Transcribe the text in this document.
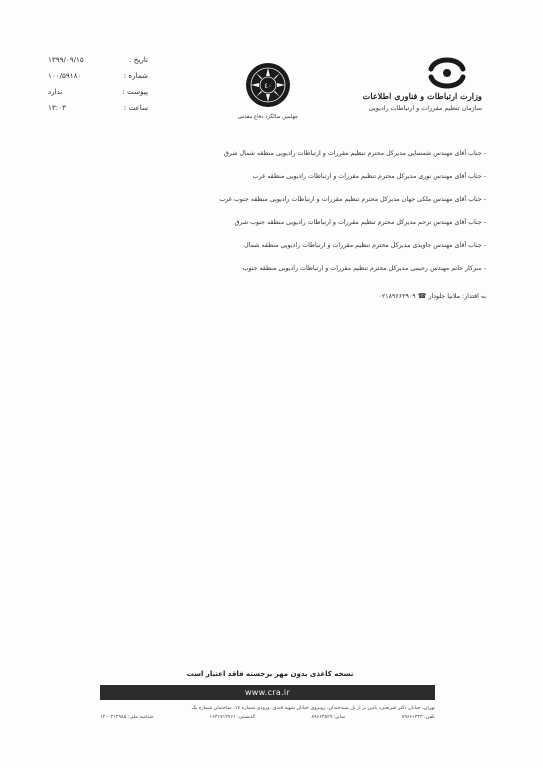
تاریخ :
۱۳۹۹/۰۹/۱۵
شماره :
۱۰۰/۵۹۱۸۰
پیوست :
ندارد
ساعت :
۱۳:۰۳
٤٠
چهلمین سالگرد دفاع مقدس
وزارت ارتباطات و فناوری اطلاعات
سازمان تنظیم مقررات و ارتباطات رادیویی
- جناب آقای مهندس شمسایی مدیرکل محترم تنظیم مقررات و ارتباطات رادیویی منطقه شمال شرق
- جناب آقای مهندس نوری مدیرکل محترم تنظیم مقررات و ارتباطات رادیویی منطقه غرب
- جناب آقای مهندس ملکی جهان مدیرکل محترم تنظیم مقررات و ارتباطات رادیویی منطقه جنوب غرب
- جناب آقای مهندس ترحم مدیرکل محترم تنظیم مقررات و ارتباطات رادیویی منطقه جنوب شرق
- جناب آقای مهندس جاویدی مدیرکل محترم تنظیم مقررات و ارتباطات رادیویی منطقه شمال
- سرکار خانم مهندس رحیمی مدیرکل محترم تنظیم مقررات و ارتباطات رادیویی منطقه جنوب
به اقتدار: ملانیا جلودار ☎ ۰۲۱۸۹۶۶۲۹۰۹
نسخه کاغذی بدون مهر برجسته فاقد اعتبار است
www.cra.ir
تهران، خیابان دکتر شریعتی، پایین تر از پل سیدخندان، روبروی خیابان شهید قندی، ورودی شماره ۱۷، ساختمان شماره یک
تلفن: ۸۹۶۶۱۳۲۲
نمابر: ۸۹۶۶۴۵۲۹
کدپستی: ۱۶۳۱۷۱۳۷۶۱
شناسه ملی: ۱۴۰۰۳۱۲۹۸۵
